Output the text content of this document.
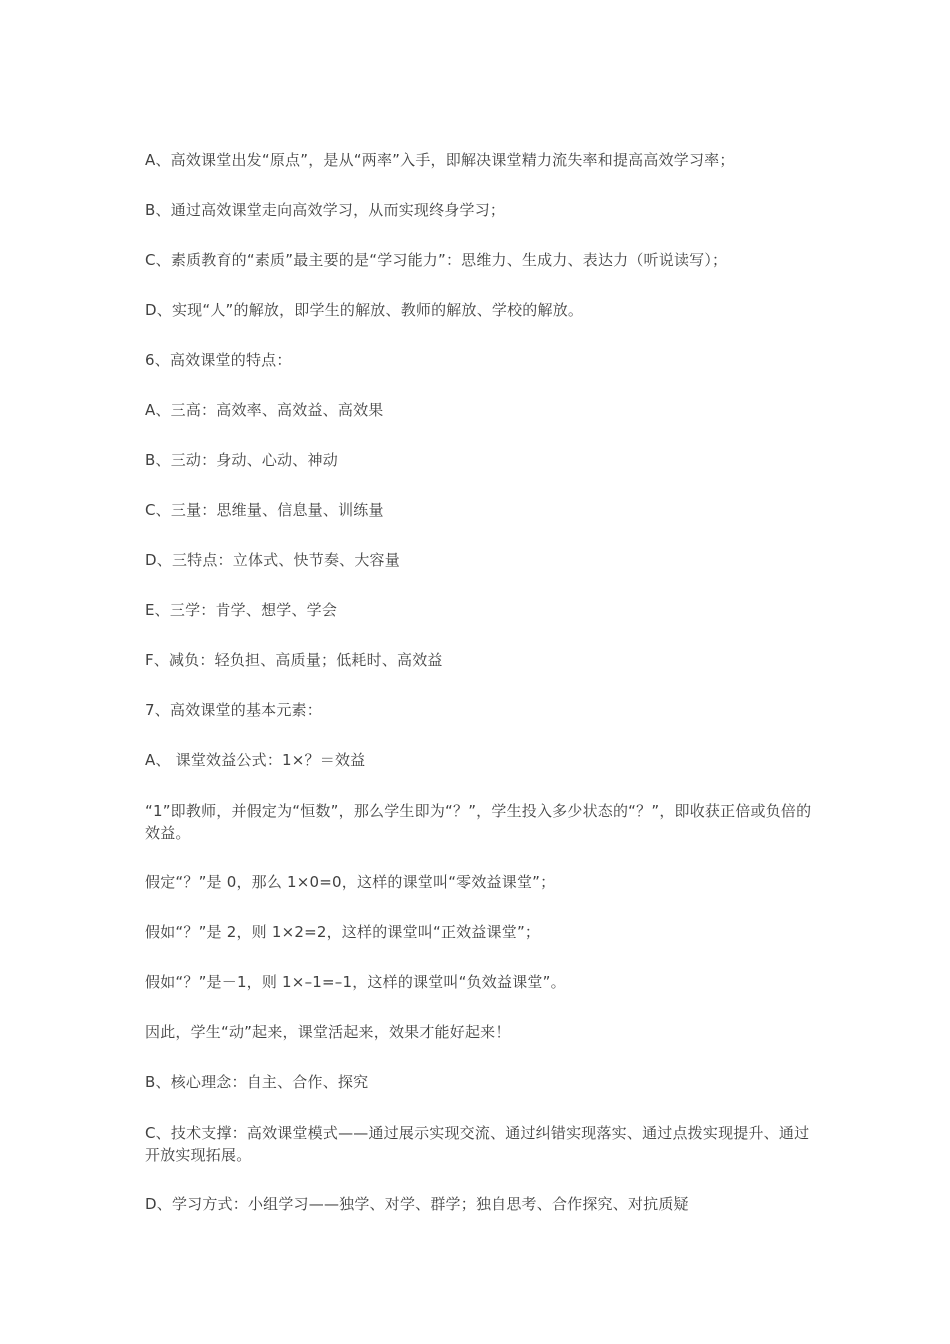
A、高效课堂出发“原点”，是从“两率”入手，即解决课堂精力流失率和提高高效学习率；

B、通过高效课堂走向高效学习，从而实现终身学习；

C、素质教育的“素质”最主要的是“学习能力”：思维力、生成力、表达力（听说读写）；

D、实现“人”的解放，即学生的解放、教师的解放、学校的解放。

6、高效课堂的特点：

A、三高：高效率、高效益、高效果

B、三动：身动、心动、神动

C、三量：思维量、信息量、训练量

D、三特点：立体式、快节奏、大容量

E、三学：肯学、想学、学会

F、减负：轻负担、高质量；低耗时、高效益

7、高效课堂的基本元素：

A、 课堂效益公式：1×？＝效益

“1”即教师，并假定为“恒数”，那么学生即为“？”，学生投入多少状态的“？”，即收获正倍或负倍的效益。

假定“？”是 0，那么 1×0=0，这样的课堂叫“零效益课堂”；

假如“？”是 2，则 1×2=2，这样的课堂叫“正效益课堂”；

假如“？”是－1，则 1×–1=–1，这样的课堂叫“负效益课堂”。

因此，学生“动”起来，课堂活起来，效果才能好起来！

B、核心理念：自主、合作、探究

C、技术支撑：高效课堂模式——通过展示实现交流、通过纠错实现落实、通过点拨实现提升、通过开放实现拓展。

D、学习方式：小组学习——独学、对学、群学；独自思考、合作探究、对抗质疑
